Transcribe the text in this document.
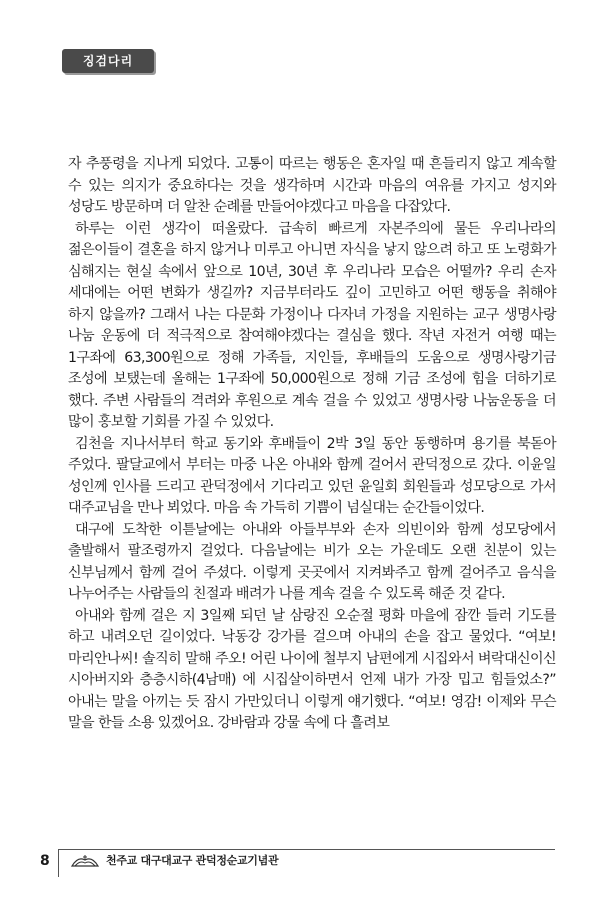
징검다리

자 추풍령을 지나게 되었다. 고통이 따르는 행동은 혼자일 때 흔들리지 않고 계속할 수 있는 의지가 중요하다는 것을 생각하며 시간과 마음의 여유를 가지고 성지와 성당도 방문하며 더 알찬 순례를 만들어야겠다고 마음을 다잡았다.

하루는 이런 생각이 떠올랐다. 급속히 빠르게 자본주의에 물든 우리나라의 젊은이들이 결혼을 하지 않거나 미루고 아니면 자식을 낳지 않으려 하고 또 노령화가 심해지는 현실 속에서 앞으로 10년, 30년 후 우리나라 모습은 어떨까? 우리 손자 세대에는 어떤 변화가 생길까? 지금부터라도 깊이 고민하고 어떤 행동을 취해야 하지 않을까? 그래서 나는 다문화 가정이나 다자녀 가정을 지원하는 교구 생명사랑 나눔 운동에 더 적극적으로 참여해야겠다는 결심을 했다. 작년 자전거 여행 때는 1구좌에 63,300원으로 정해 가족들, 지인들, 후배들의 도움으로 생명사랑기금 조성에 보탰는데 올해는 1구좌에 50,000원으로 정해 기금 조성에 힘을 더하기로 했다. 주변 사람들의 격려와 후원으로 계속 걸을 수 있었고 생명사랑 나눔운동을 더 많이 홍보할 기회를 가질 수 있었다.

김천을 지나서부터 학교 동기와 후배들이 2박 3일 동안 동행하며 용기를 북돋아 주었다. 팔달교에서 부터는 마중 나온 아내와 함께 걸어서 관덕정으로 갔다. 이윤일 성인께 인사를 드리고 관덕정에서 기다리고 있던 윤일회 회원들과 성모당으로 가서 대주교님을 만나 뵈었다. 마음 속 가득히 기쁨이 넘실대는 순간들이었다.

대구에 도착한 이튿날에는 아내와 아들부부와 손자 의빈이와 함께 성모당에서 출발해서 팔조령까지 걸었다. 다음날에는 비가 오는 가운데도 오랜 친분이 있는 신부님께서 함께 걸어 주셨다. 이렇게 곳곳에서 지켜봐주고 함께 걸어주고 음식을 나누어주는 사람들의 친절과 배려가 나를 계속 걸을 수 있도록 해준 것 같다.

아내와 함께 걸은 지 3일째 되던 날 삼랑진 오순절 평화 마을에 잠깐 들러 기도를 하고 내려오던 길이었다. 낙동강 강가를 걸으며 아내의 손을 잡고 물었다. “여보! 마리안나씨! 솔직히 말해 주오! 어린 나이에 철부지 남편에게 시집와서 벼락대신이신 시아버지와 층층시하(4남매) 에 시집살이하면서 언제 내가 가장 밉고 힘들었소?” 아내는 말을 아끼는 듯 잠시 가만있더니 이렇게 얘기했다. “여보! 영감! 이제와 무슨 말을 한들 소용 있겠어요. 강바람과 강물 속에 다 흘려보

8	천주교 대구대교구 관덕정순교기념관
